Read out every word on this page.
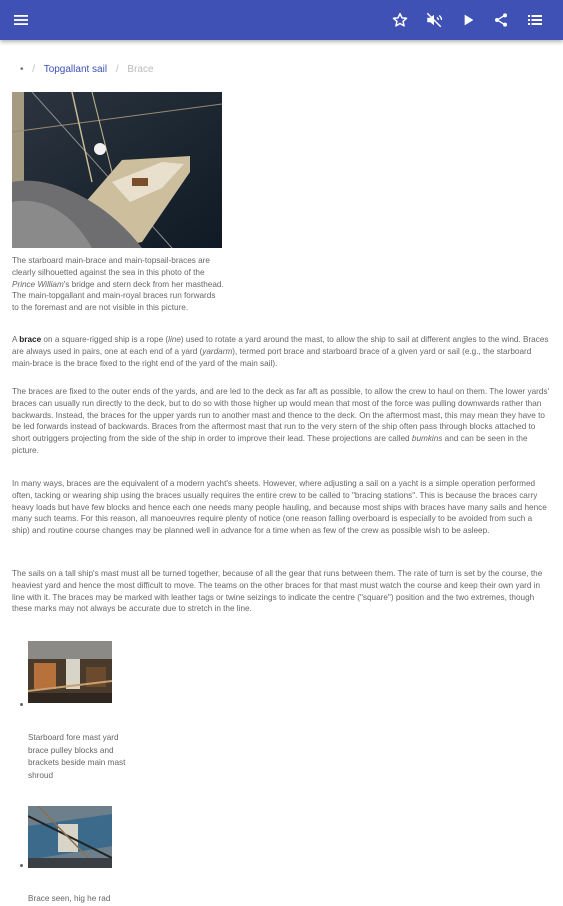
• / Topgallant sail / Brace
The starboard main-brace and main-topsail-braces are clearly silhouetted against the sea in this photo of the Prince William's bridge and stern deck from her masthead. The main-topgallant and main-royal braces run forwards to the foremast and are not visible in this picture.

A brace on a square-rigged ship is a rope (line) used to rotate a yard around the mast, to allow the ship to sail at different angles to the wind. Braces are always used in pairs, one at each end of a yard (yardarm), termed port brace and starboard brace of a given yard or sail (e.g., the starboard main-brace is the brace fixed to the right end of the yard of the main sail).

The braces are fixed to the outer ends of the yards, and are led to the deck as far aft as possible, to allow the crew to haul on them. The lower yards' braces can usually run directly to the deck, but to do so with those higher up would mean that most of the force was pulling downwards rather than backwards. Instead, the braces for the upper yards run to another mast and thence to the deck. On the aftermost mast, this may mean they have to be led forwards instead of backwards. Braces from the aftermost mast that run to the very stern of the ship often pass through blocks attached to short outriggers projecting from the side of the ship in order to improve their lead. These projections are called bumkins and can be seen in the picture.

In many ways, braces are the equivalent of a modern yacht's sheets. However, where adjusting a sail on a yacht is a simple operation performed often, tacking or wearing ship using the braces usually requires the entire crew to be called to "bracing stations". This is because the braces carry heavy loads but have few blocks and hence each one needs many people hauling, and because most ships with braces have many sails and hence many such teams. For this reason, all manoeuvres require plenty of notice (one reason falling overboard is especially to be avoided from such a ship) and routine course changes may be planned well in advance for a time when as few of the crew as possible wish to be asleep.

The sails on a tall ship's mast must all be turned together, because of all the gear that runs between them. The rate of turn is set by the course, the heaviest yard and hence the most difficult to move. The teams on the other braces for that mast must watch the course and keep their own yard in line with it. The braces may be marked with leather tags or twine seizings to indicate the centre ("square") position and the two extremes, though these marks may not always be accurate due to stretch in the line.

Starboard fore mast yard brace pulley blocks and brackets beside main mast shroud
Brace seen, hig he rad
